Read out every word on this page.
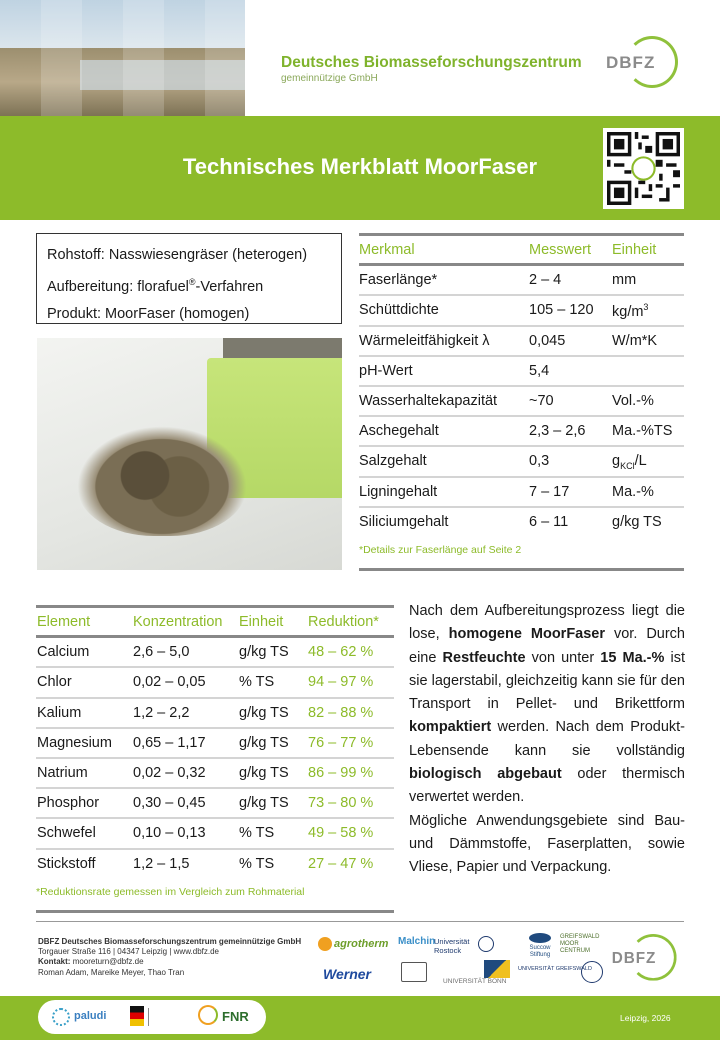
Deutsches Biomasseforschungszentrum
gemeinnützige GmbH
DBFZ
Technisches Merkblatt MoorFaser
Rohstoff: Nasswiesengräser (heterogen)
Aufbereitung: florafuel®-Verfahren
Produkt: MoorFaser (homogen)
Merkmal	Messwert Einheit
Faserlänge*	2 – 4	mm
Schüttdichte	105 – 120 $kg/m^3$
Wärmeleitfähigkeit λ	0,045	W/m*K
pH-Wert	5,4
Wasserhaltekapazität ~70	Vol.-%
Aschegehalt	2,3 – 2,6 Ma.-%TS
Salzgehalt	0,3	$g_{KCl}/L$
Ligningehalt	7 – 17	Ma.-%
Siliciumgehalt	6 – 11	g/kg TS
*Details zur Faserlänge auf Seite 2
Element	Konzentration Einheit Reduktion*
Calcium	2,6 – 5,0	g/kg TS 48 – 62 %
Chlor	0,02 – 0,05 % TS 94 – 97 %
Kalium	1,2 – 2,2	g/kg TS 82 – 88 %
Magnesium 0,65 – 1,17 g/kg TS 76 – 77 %
Natrium	0,02 – 0,32 g/kg TS 86 – 99 %
Phosphor 0,30 – 0,45 g/kg TS 73 – 80 %
Schwefel	0,10 – 0,13 % TS 49 – 58 %
Stickstoff	1,2 – 1,5	% TS 27 – 47 %
*Reduktionsrate gemessen im Vergleich zum Rohmaterial
Nach dem Aufbereitungsprozess liegt die lose, homogene MoorFaser vor. Durch eine Restfeuchte von unter 15 Ma.-% ist sie lagerstabil, gleichzeitig kann sie für den Transport in Pellet- und Brikettform kompaktiert werden. Nach dem Produkt-Lebensende kann sie vollständig biologisch abgebaut oder thermisch verwertet werden.
Mögliche Anwendungsgebiete sind Bau- und Dämmstoffe, Faserplatten, sowie Vliese, Papier und Verpackung.
DBFZ Deutsches Biomasseforschungszentrum gemeinnützige GmbH
Torgauer Straße 116 | 04347 Leipzig | www.dbfz.de
Kontakt: mooreturn@dbfz.de
Roman Adam, Mareike Meyer, Thao Tran
agrotherm Malchin
Universität Rostock	Succow Stiftung
GREIFSWALD MOOR CENTRUM
Werner	UNIVERSITÄT BONN
UNIVERSITÄT GREIFSWALD
DBFZ
paludi	FNR	Leipzig, 2026
